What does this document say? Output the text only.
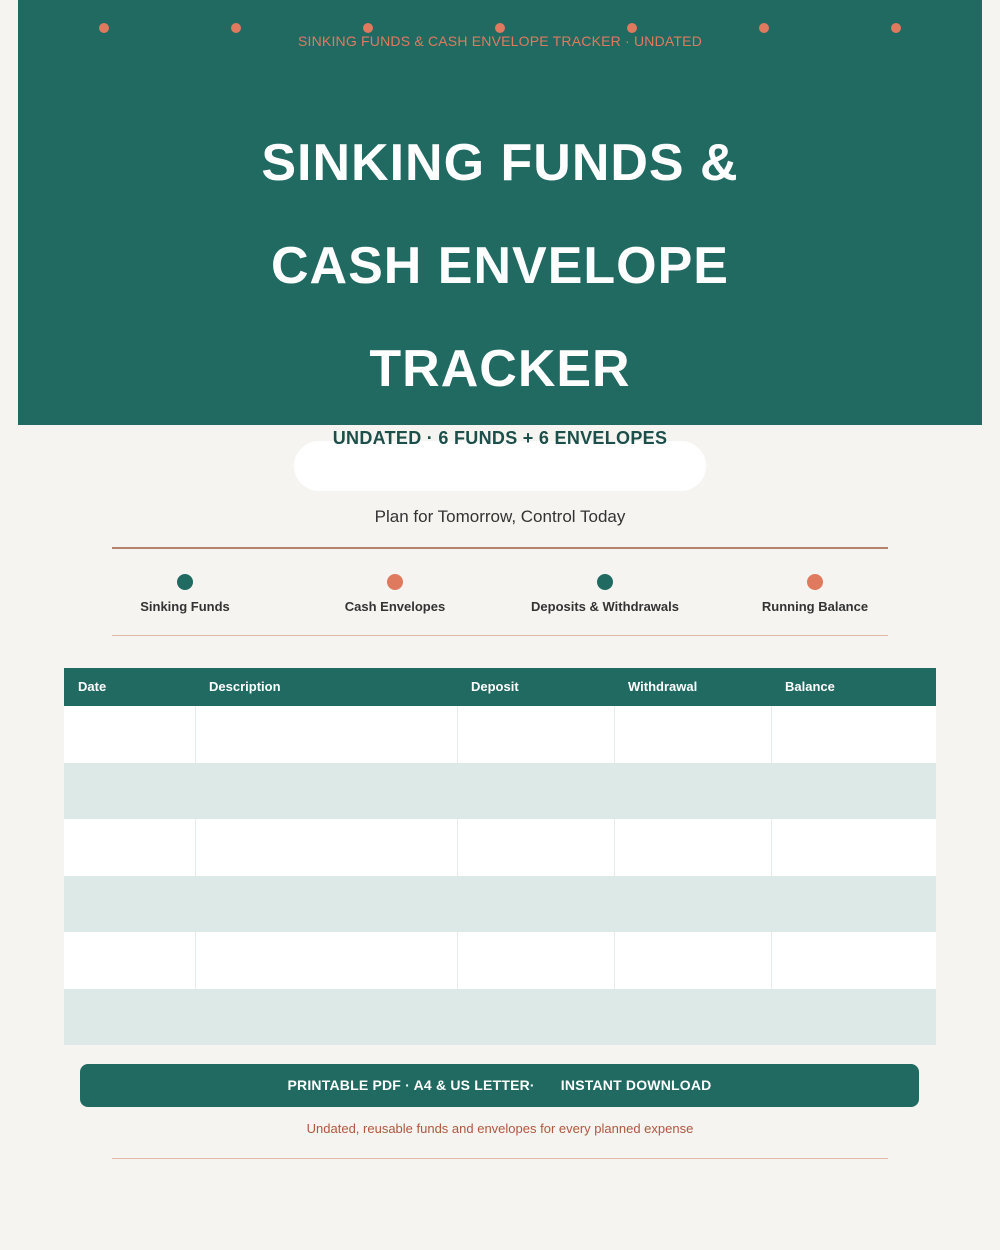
SINKING FUNDS & CASH ENVELOPE TRACKER · UNDATED
SINKING FUNDS &
CASH ENVELOPE
TRACKER
UNDATED · 6 FUNDS + 6 ENVELOPES
Plan for Tomorrow, Control Today
Sinking Funds	Cash Envelopes	Deposits & Withdrawals	Running Balance
Date	Description	Deposit	Withdrawal	Balance

PRINTABLE PDF · A4 & US LETTER· INSTANT DOWNLOAD
Undated, reusable funds and envelopes for every planned expense
